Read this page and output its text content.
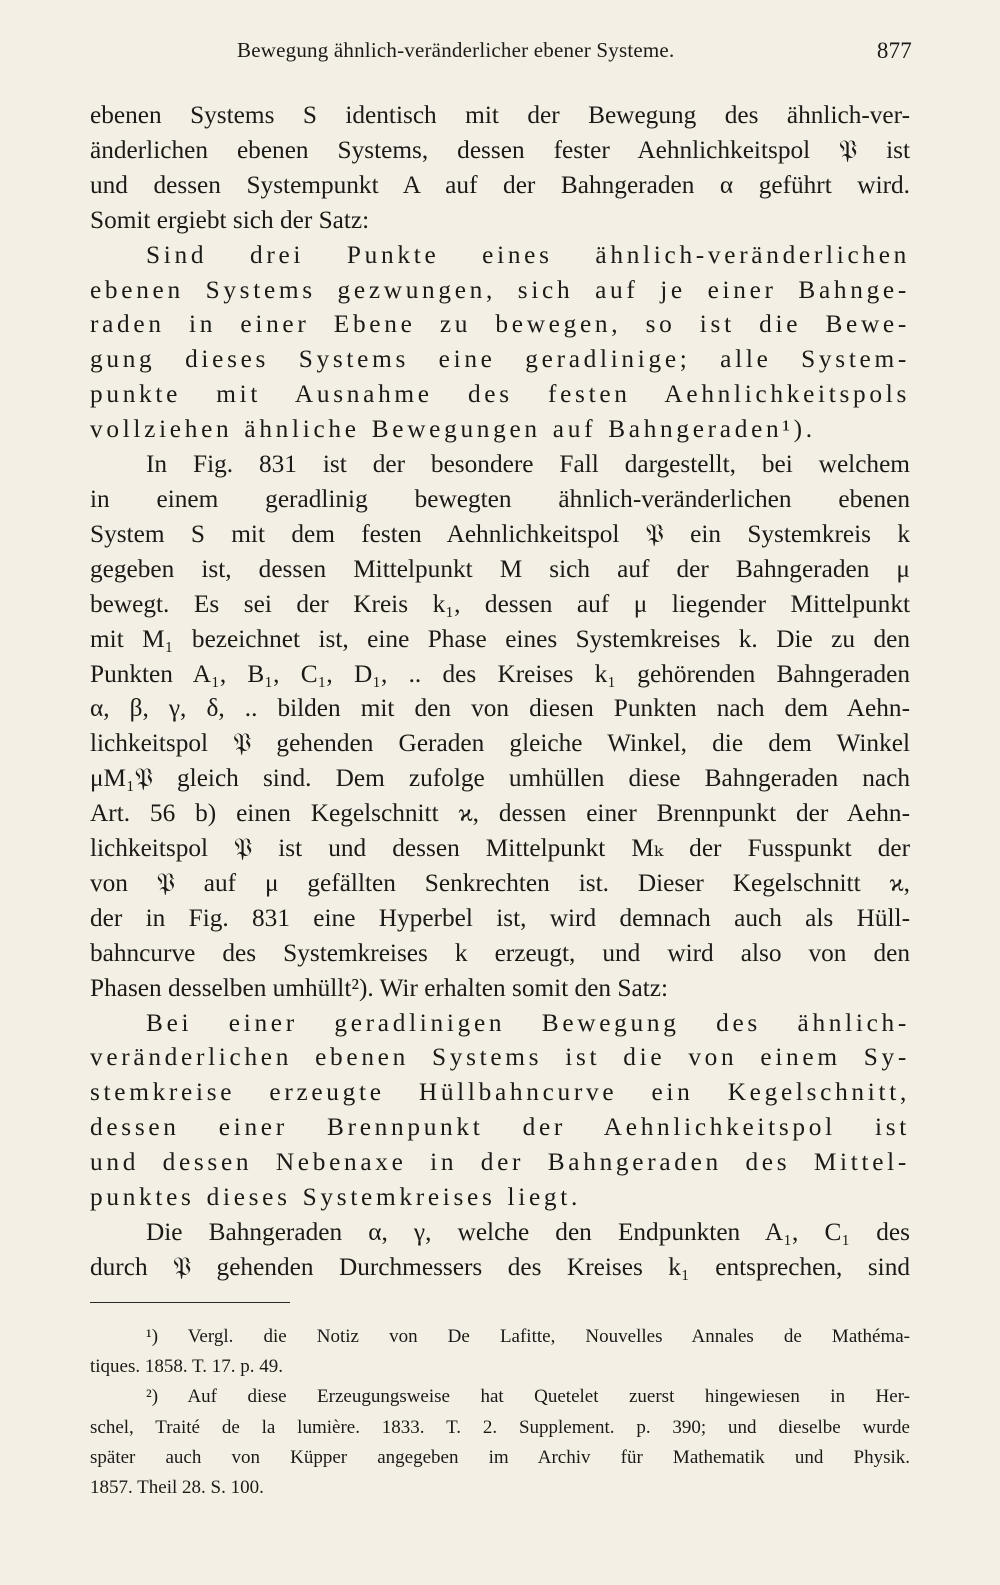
Bewegung ähnlich-veränderlicher ebener Systeme.	877
ebenen Systems S identisch mit der Bewegung des ähnlich-ver-
änderlichen ebenen Systems, dessen fester Aehnlichkeitspol 𝔓 ist
und dessen Systempunkt A auf der Bahngeraden α geführt wird.
Somit ergiebt sich der Satz:
Sind drei Punkte eines ähnlich-veränderlichen
ebenen Systems gezwungen, sich auf je einer Bahnge-
raden in einer Ebene zu bewegen, so ist die Bewe-
gung dieses Systems eine geradlinige; alle System-
punkte mit Ausnahme des festen Aehnlichkeitspols
vollziehen ähnliche Bewegungen auf Bahngeraden¹).
In Fig. 831 ist der besondere Fall dargestellt, bei welchem
in einem geradlinig bewegten ähnlich-veränderlichen ebenen
System S mit dem festen Aehnlichkeitspol 𝔓 ein Systemkreis k
gegeben ist, dessen Mittelpunkt M sich auf der Bahngeraden μ
bewegt. Es sei der Kreis k₁, dessen auf μ liegender Mittelpunkt
mit M₁ bezeichnet ist, eine Phase eines Systemkreises k. Die zu den
Punkten A₁, B₁, C₁, D₁, .. des Kreises k₁ gehörenden Bahngeraden
α, β, γ, δ, .. bilden mit den von diesen Punkten nach dem Aehn-
lichkeitspol 𝔓 gehenden Geraden gleiche Winkel, die dem Winkel
μM₁𝔓 gleich sind. Dem zufolge umhüllen diese Bahngeraden nach
Art. 56 b) einen Kegelschnitt ϰ, dessen einer Brennpunkt der Aehn-
lichkeitspol 𝔓 ist und dessen Mittelpunkt Mₖ der Fusspunkt der
von 𝔓 auf μ gefällten Senkrechten ist. Dieser Kegelschnitt ϰ,
der in Fig. 831 eine Hyperbel ist, wird demnach auch als Hüll-
bahncurve des Systemkreises k erzeugt, und wird also von den
Phasen desselben umhüllt²). Wir erhalten somit den Satz:
Bei einer geradlinigen Bewegung des ähnlich-
veränderlichen ebenen Systems ist die von einem Sy-
stemkreise erzeugte Hüllbahncurve ein Kegelschnitt,
dessen einer Brennpunkt der Aehnlichkeitspol ist
und dessen Nebenaxe in der Bahngeraden des Mittel-
punktes dieses Systemkreises liegt.
Die Bahngeraden α, γ, welche den Endpunkten A₁, C₁ des
durch 𝔓 gehenden Durchmessers des Kreises k₁ entsprechen, sind
¹) Vergl. die Notiz von De Lafitte, Nouvelles Annales de Mathéma-
tiques. 1858. T. 17. p. 49.
²) Auf diese Erzeugungsweise hat Quetelet zuerst hingewiesen in Her-
schel, Traité de la lumière. 1833. T. 2. Supplement. p. 390; und dieselbe wurde
später auch von Küpper angegeben im Archiv für Mathematik und Physik.
1857. Theil 28. S. 100.
